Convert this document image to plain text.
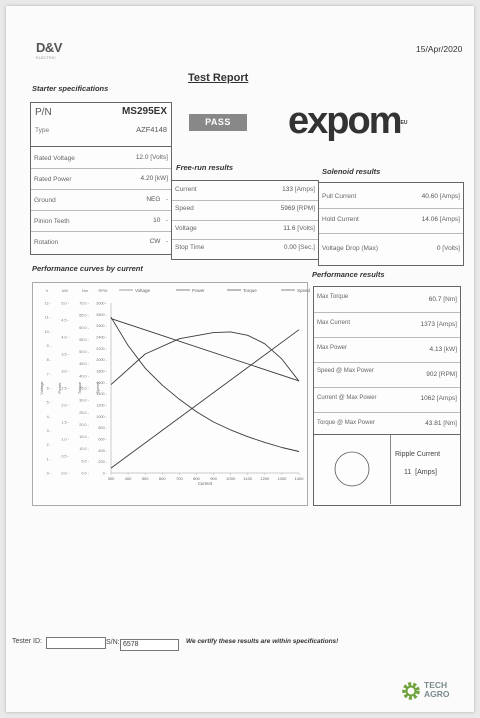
D&V
ELECTRIC
15/Apr/2020
Test Report
Starter specifications
P/N	MS295EX
Type	AZF4148
Rated Voltage	12.0 [Volts]
Rated Power	4.20 [kW]
Ground	NEG -
Pinion Teeth	10 -
Rotation	CW -
PASS	expomEU
Free-run results
Current	133 [Amps]
Speed	5969 [RPM]
Voltage	11.6 [Volts]
Stop Time	0.00 [Sec.]
Solenoid results
Pull Current	40.60 [Amps]
Hold Current	14.06 [Amps]
Voltage Drop (Max)	0 [Volts]
Performance curves by current
Voltage	Power	Torque	Speed
V
0 -
1 -
2 -
3 -
4 -
5 -
6 -
7 -
8 -
9 -
10 -
11 -
12 -
kW
0.0 -
0.5 -
1.0 -
1.5 -
2.0 -
2.5 -
3.0 -
3.5 -
4.0 -
4.5 -
5.0 -
Nm
0.0 -
5.0 -
10.0 -
15.0 -
20.0 -
25.0 -
30.0 -
35.0 -
40.0 -
45.0 -
50.0 -
55.0 -
60.0 -
65.0 -
70.0 -
RPM
0 -
200 -
400 -
600 -
800 -
1000 -
1200 -
1400 -
1600 -
1800 -
2000 -
2200 -
2400 -
2600 -
2800 -
3000 -
Voltage	Power	Torque	Speed
300	400	500	600	700	800	900 1000 1100 1200 1300 1400
Current
Performance results
Max Torque	60.7 [Nm]
Max Current	1373 [Amps]
Max Power	4.13 [kW]
Speed @ Max Power	902 [RPM]
Current @ Max Power	1062 [Amps]
Torque @ Max Power	43.81 [Nm]
Ripple Current
11 [Amps]
We certify these results are within specifications!
Tester ID:	S/N: 6578
TECH
AGRO
